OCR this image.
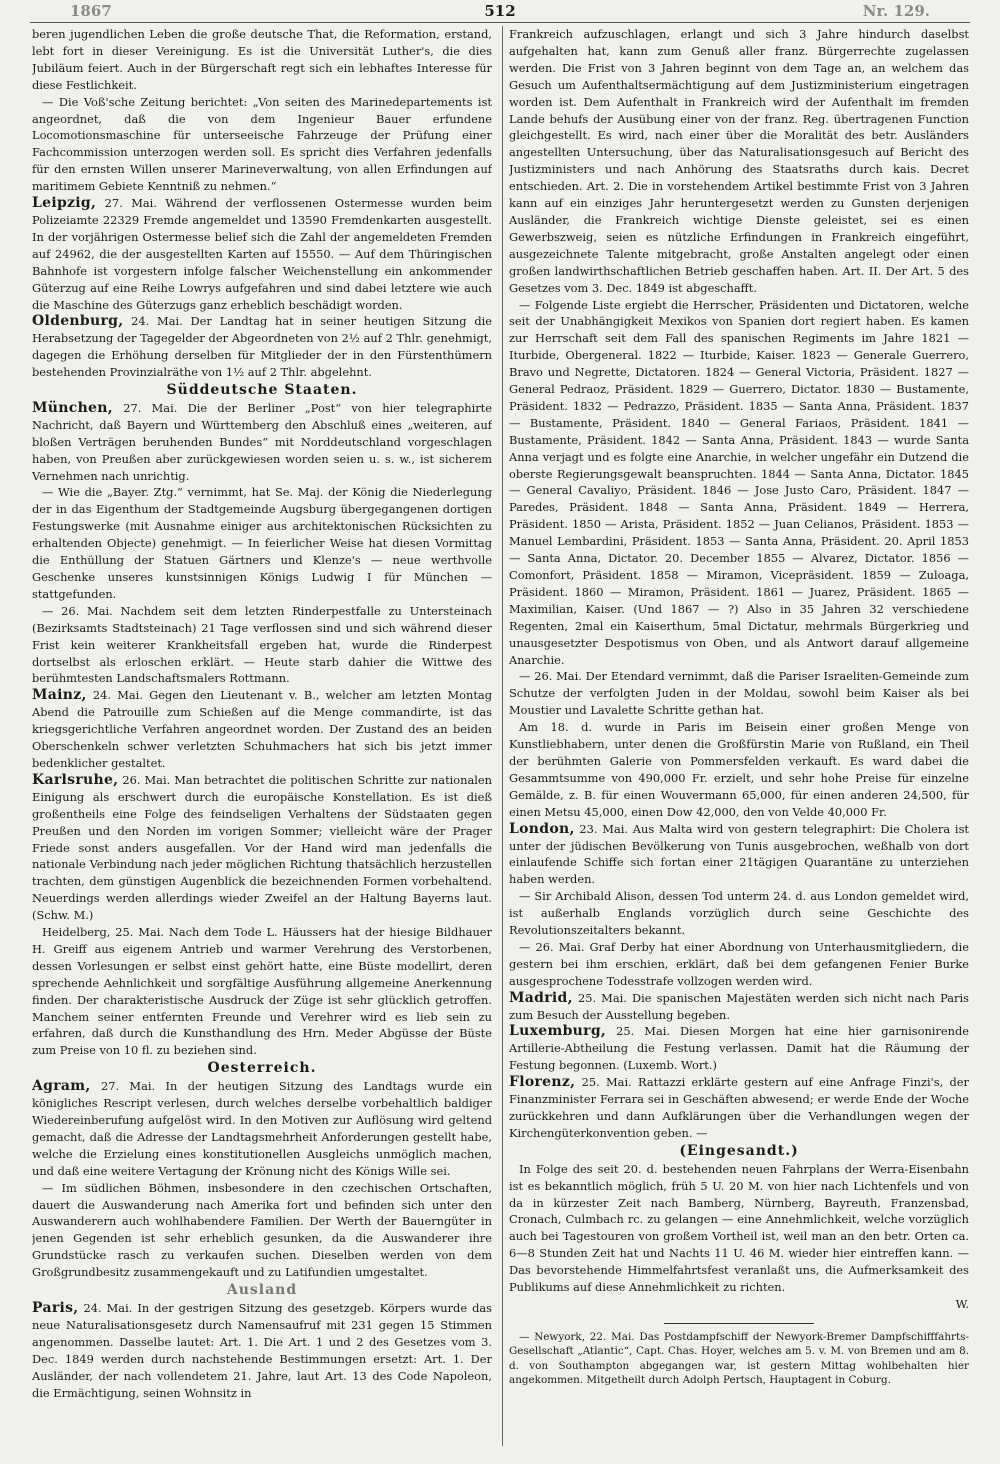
1867	512	Nr. 129.

beren jugendlichen Leben die große deutsche That, die Reformation, erstand, lebt fort in dieser Vereinigung. Es ist die Universität Luther's, die dies Jubiläum feiert. Auch in der Bürgerschaft regt sich ein lebhaftes Interesse für diese Festlichkeit.

— Die Voß'sche Zeitung berichtet: „Von seiten des Marinedepartements ist angeordnet, daß die von dem Ingenieur Bauer erfundene Locomotionsmaschine für unterseeische Fahrzeuge der Prüfung einer Fachcommission unterzogen werden soll. Es spricht dies Verfahren jedenfalls für den ernsten Willen unserer Marineverwaltung, von allen Erfindungen auf maritimem Gebiete Kenntniß zu nehmen.“

Leipzig, 27. Mai. Während der verflossenen Ostermesse wurden beim Polizeiamte 22329 Fremde angemeldet und 13590 Fremdenkarten ausgestellt. In der vorjährigen Ostermesse belief sich die Zahl der angemeldeten Fremden auf 24962, die der ausgestellten Karten auf 15550. — Auf dem Thüringischen Bahnhofe ist vorgestern infolge falscher Weichenstellung ein ankommender Güterzug auf eine Reihe Lowrys aufgefahren und sind dabei letztere wie auch die Maschine des Güterzugs ganz erheblich beschädigt worden.

Oldenburg, 24. Mai. Der Landtag hat in seiner heutigen Sitzung die Herabsetzung der Tagegelder der Abgeordneten von 2½ auf 2 Thlr. genehmigt, dagegen die Erhöhung derselben für Mitglieder der in den Fürstenthümern bestehenden Provinzialräthe von 1½ auf 2 Thlr. abgelehnt.

Süddeutsche Staaten.

München, 27. Mai. Die der Berliner „Post“ von hier telegraphirte Nachricht, daß Bayern und Württemberg den Abschluß eines „weiteren, auf bloßen Verträgen beruhenden Bundes“ mit Norddeutschland vorgeschlagen haben, von Preußen aber zurückgewiesen worden seien u. s. w., ist sicherem Vernehmen nach unrichtig.

— Wie die „Bayer. Ztg.“ vernimmt, hat Se. Maj. der König die Niederlegung der in das Eigenthum der Stadtgemeinde Augsburg übergegangenen dortigen Festungswerke (mit Ausnahme einiger aus architektonischen Rücksichten zu erhaltenden Objecte) genehmigt. — In feierlicher Weise hat diesen Vormittag die Enthüllung der Statuen Gärtners und Klenze's — neue werthvolle Geschenke unseres kunstsinnigen Königs Ludwig I für München — stattgefunden.

— 26. Mai. Nachdem seit dem letzten Rinderpestfalle zu Untersteinach (Bezirksamts Stadtsteinach) 21 Tage verflossen sind und sich während dieser Frist kein weiterer Krankheitsfall ergeben hat, wurde die Rinderpest dortselbst als erloschen erklärt. — Heute starb dahier die Wittwe des berühmtesten Landschaftsmalers Rottmann.

Mainz, 24. Mai. Gegen den Lieutenant v. B., welcher am letzten Montag Abend die Patrouille zum Schießen auf die Menge commandirte, ist das kriegsgerichtliche Verfahren angeordnet worden. Der Zustand des an beiden Oberschenkeln schwer verletzten Schuhmachers hat sich bis jetzt immer bedenklicher gestaltet.

Karlsruhe, 26. Mai. Man betrachtet die politischen Schritte zur nationalen Einigung als erschwert durch die europäische Konstellation. Es ist dieß großentheils eine Folge des feindseligen Verhaltens der Südstaaten gegen Preußen und den Norden im vorigen Sommer; vielleicht wäre der Prager Friede sonst anders ausgefallen. Vor der Hand wird man jedenfalls die nationale Verbindung nach jeder möglichen Richtung thatsächlich herzustellen trachten, dem günstigen Augenblick die bezeichnenden Formen vorbehaltend. Neuerdings werden allerdings wieder Zweifel an der Haltung Bayerns laut. (Schw. M.)

Heidelberg, 25. Mai. Nach dem Tode L. Häussers hat der hiesige Bildhauer H. Greiff aus eigenem Antrieb und warmer Verehrung des Verstorbenen, dessen Vorlesungen er selbst einst gehört hatte, eine Büste modellirt, deren sprechende Aehnlichkeit und sorgfältige Ausführung allgemeine Anerkennung finden. Der charakteristische Ausdruck der Züge ist sehr glücklich getroffen. Manchem seiner entfernten Freunde und Verehrer wird es lieb sein zu erfahren, daß durch die Kunsthandlung des Hrn. Meder Abgüsse der Büste zum Preise von 10 fl. zu beziehen sind.

Oesterreich.

Agram, 27. Mai. In der heutigen Sitzung des Landtags wurde ein königliches Rescript verlesen, durch welches derselbe vorbehaltlich baldiger Wiedereinberufung aufgelöst wird. In den Motiven zur Auflösung wird geltend gemacht, daß die Adresse der Landtagsmehrheit Anforderungen gestellt habe, welche die Erzielung eines konstitutionellen Ausgleichs unmöglich machen, und daß eine weitere Vertagung der Krönung nicht des Königs Wille sei.

— Im südlichen Böhmen, insbesondere in den czechischen Ortschaften, dauert die Auswanderung nach Amerika fort und befinden sich unter den Auswanderern auch wohlhabendere Familien. Der Werth der Bauerngüter in jenen Gegenden ist sehr erheblich gesunken, da die Auswanderer ihre Grundstücke rasch zu verkaufen suchen. Dieselben werden von dem Großgrundbesitz zusammengekauft und zu Latifundien umgestaltet.

Ausland

Paris, 24. Mai. In der gestrigen Sitzung des gesetzgeb. Körpers wurde das neue Naturalisationsgesetz durch Namensaufruf mit 231 gegen 15 Stimmen angenommen. Dasselbe lautet: Art. 1. Die Art. 1 und 2 des Gesetzes vom 3. Dec. 1849 werden durch nachstehende Bestimmungen ersetzt: Art. 1. Der Ausländer, der nach vollendetem 21. Jahre, laut Art. 13 des Code Napoleon, die Ermächtigung, seinen Wohnsitz in

Frankreich aufzuschlagen, erlangt und sich 3 Jahre hindurch daselbst aufgehalten hat, kann zum Genuß aller franz. Bürgerrechte zugelassen werden. Die Frist von 3 Jahren beginnt von dem Tage an, an welchem das Gesuch um Aufenthaltsermächtigung auf dem Justizministerium eingetragen worden ist. Dem Aufenthalt in Frankreich wird der Aufenthalt im fremden Lande behufs der Ausübung einer von der franz. Reg. übertragenen Function gleichgestellt. Es wird, nach einer über die Moralität des betr. Ausländers angestellten Untersuchung, über das Naturalisationsgesuch auf Bericht des Justizministers und nach Anhörung des Staatsraths durch kais. Decret entschieden. Art. 2. Die in vorstehendem Artikel bestimmte Frist von 3 Jahren kann auf ein einziges Jahr heruntergesetzt werden zu Gunsten derjenigen Ausländer, die Frankreich wichtige Dienste geleistet, sei es einen Gewerbszweig, seien es nützliche Erfindungen in Frankreich eingeführt, ausgezeichnete Talente mitgebracht, große Anstalten angelegt oder einen großen landwirthschaftlichen Betrieb geschaffen haben. Art. II. Der Art. 5 des Gesetzes vom 3. Dec. 1849 ist abgeschafft.

— Folgende Liste ergiebt die Herrscher, Präsidenten und Dictatoren, welche seit der Unabhängigkeit Mexikos von Spanien dort regiert haben. Es kamen zur Herrschaft seit dem Fall des spanischen Regiments im Jahre 1821 — Iturbide, Obergeneral. 1822 — Iturbide, Kaiser. 1823 — Generale Guerrero, Bravo und Negrette, Dictatoren. 1824 — General Victoria, Präsident. 1827 — General Pedraoz, Präsident. 1829 — Guerrero, Dictator. 1830 — Bustamente, Präsident. 1832 — Pedrazzo, Präsident. 1835 — Santa Anna, Präsident. 1837 — Bustamente, Präsident. 1840 — General Fariaos, Präsident. 1841 — Bustamente, Präsident. 1842 — Santa Anna, Präsident. 1843 — wurde Santa Anna verjagt und es folgte eine Anarchie, in welcher ungefähr ein Dutzend die oberste Regierungsgewalt beanspruchten. 1844 — Santa Anna, Dictator. 1845 — General Cavaliyo, Präsident. 1846 — Jose Justo Caro, Präsident. 1847 — Paredes, Präsident. 1848 — Santa Anna, Präsident. 1849 — Herrera, Präsident. 1850 — Arista, Präsident. 1852 — Juan Celianos, Präsident. 1853 — Manuel Lembardini, Präsident. 1853 — Santa Anna, Präsident. 20. April 1853 — Santa Anna, Dictator. 20. December 1855 — Alvarez, Dictator. 1856 — Comonfort, Präsident. 1858 — Miramon, Vicepräsident. 1859 — Zuloaga, Präsident. 1860 — Miramon, Präsident. 1861 — Juarez, Präsident. 1865 — Maximilian, Kaiser. (Und 1867 — ?) Also in 35 Jahren 32 verschiedene Regenten, 2mal ein Kaiserthum, 5mal Dictatur, mehrmals Bürgerkrieg und unausgesetzter Despotismus von Oben, und als Antwort darauf allgemeine Anarchie.

— 26. Mai. Der Etendard vernimmt, daß die Pariser Israeliten-Gemeinde zum Schutze der verfolgten Juden in der Moldau, sowohl beim Kaiser als bei Moustier und Lavalette Schritte gethan hat.

Am 18. d. wurde in Paris im Beisein einer großen Menge von Kunstliebhabern, unter denen die Großfürstin Marie von Rußland, ein Theil der berühmten Galerie von Pommersfelden verkauft. Es ward dabei die Gesammtsumme von 490,000 Fr. erzielt, und sehr hohe Preise für einzelne Gemälde, z. B. für einen Wouvermann 65,000, für einen anderen 24,500, für einen Metsu 45,000, einen Dow 42,000, den von Velde 40,000 Fr.

London, 23. Mai. Aus Malta wird von gestern telegraphirt: Die Cholera ist unter der jüdischen Bevölkerung von Tunis ausgebrochen, weßhalb von dort einlaufende Schiffe sich fortan einer 21tägigen Quarantäne zu unterziehen haben werden.

— Sir Archibald Alison, dessen Tod unterm 24. d. aus London gemeldet wird, ist außerhalb Englands vorzüglich durch seine Geschichte des Revolutionszeitalters bekannt.

— 26. Mai. Graf Derby hat einer Abordnung von Unterhausmitgliedern, die gestern bei ihm erschien, erklärt, daß bei dem gefangenen Fenier Burke ausgesprochene Todesstrafe vollzogen werden wird.

Madrid, 25. Mai. Die spanischen Majestäten werden sich nicht nach Paris zum Besuch der Ausstellung begeben.

Luxemburg, 25. Mai. Diesen Morgen hat eine hier garnisonirende Artillerie-Abtheilung die Festung verlassen. Damit hat die Räumung der Festung begonnen. (Luxemb. Wort.)

Florenz, 25. Mai. Rattazzi erklärte gestern auf eine Anfrage Finzi's, der Finanzminister Ferrara sei in Geschäften abwesend; er werde Ende der Woche zurückkehren und dann Aufklärungen über die Verhandlungen wegen der Kirchengüterkonvention geben. —

(Eingesandt.)

In Folge des seit 20. d. bestehenden neuen Fahrplans der Werra-Eisenbahn ist es bekanntlich möglich, früh 5 U. 20 M. von hier nach Lichtenfels und von da in kürzester Zeit nach Bamberg, Nürnberg, Bayreuth, Franzensbad, Cronach, Culmbach rc. zu gelangen — eine Annehmlichkeit, welche vorzüglich auch bei Tagestouren von großem Vortheil ist, weil man an den betr. Orten ca. 6—8 Stunden Zeit hat und Nachts 11 U. 46 M. wieder hier eintreffen kann. — Das bevorstehende Himmelfahrtsfest veranlaßt uns, die Aufmerksamkeit des Publikums auf diese Annehmlichkeit zu richten.

W.

— Newyork, 22. Mai. Das Postdampfschiff der Newyork-Bremer Dampfschifffahrts-Gesellschaft „Atlantic“, Capt. Chas. Hoyer, welches am 5. v. M. von Bremen und am 8. d. von Southampton abgegangen war, ist gestern Mittag wohlbehalten hier angekommen. Mitgetheilt durch Adolph Pertsch, Hauptagent in Coburg.
